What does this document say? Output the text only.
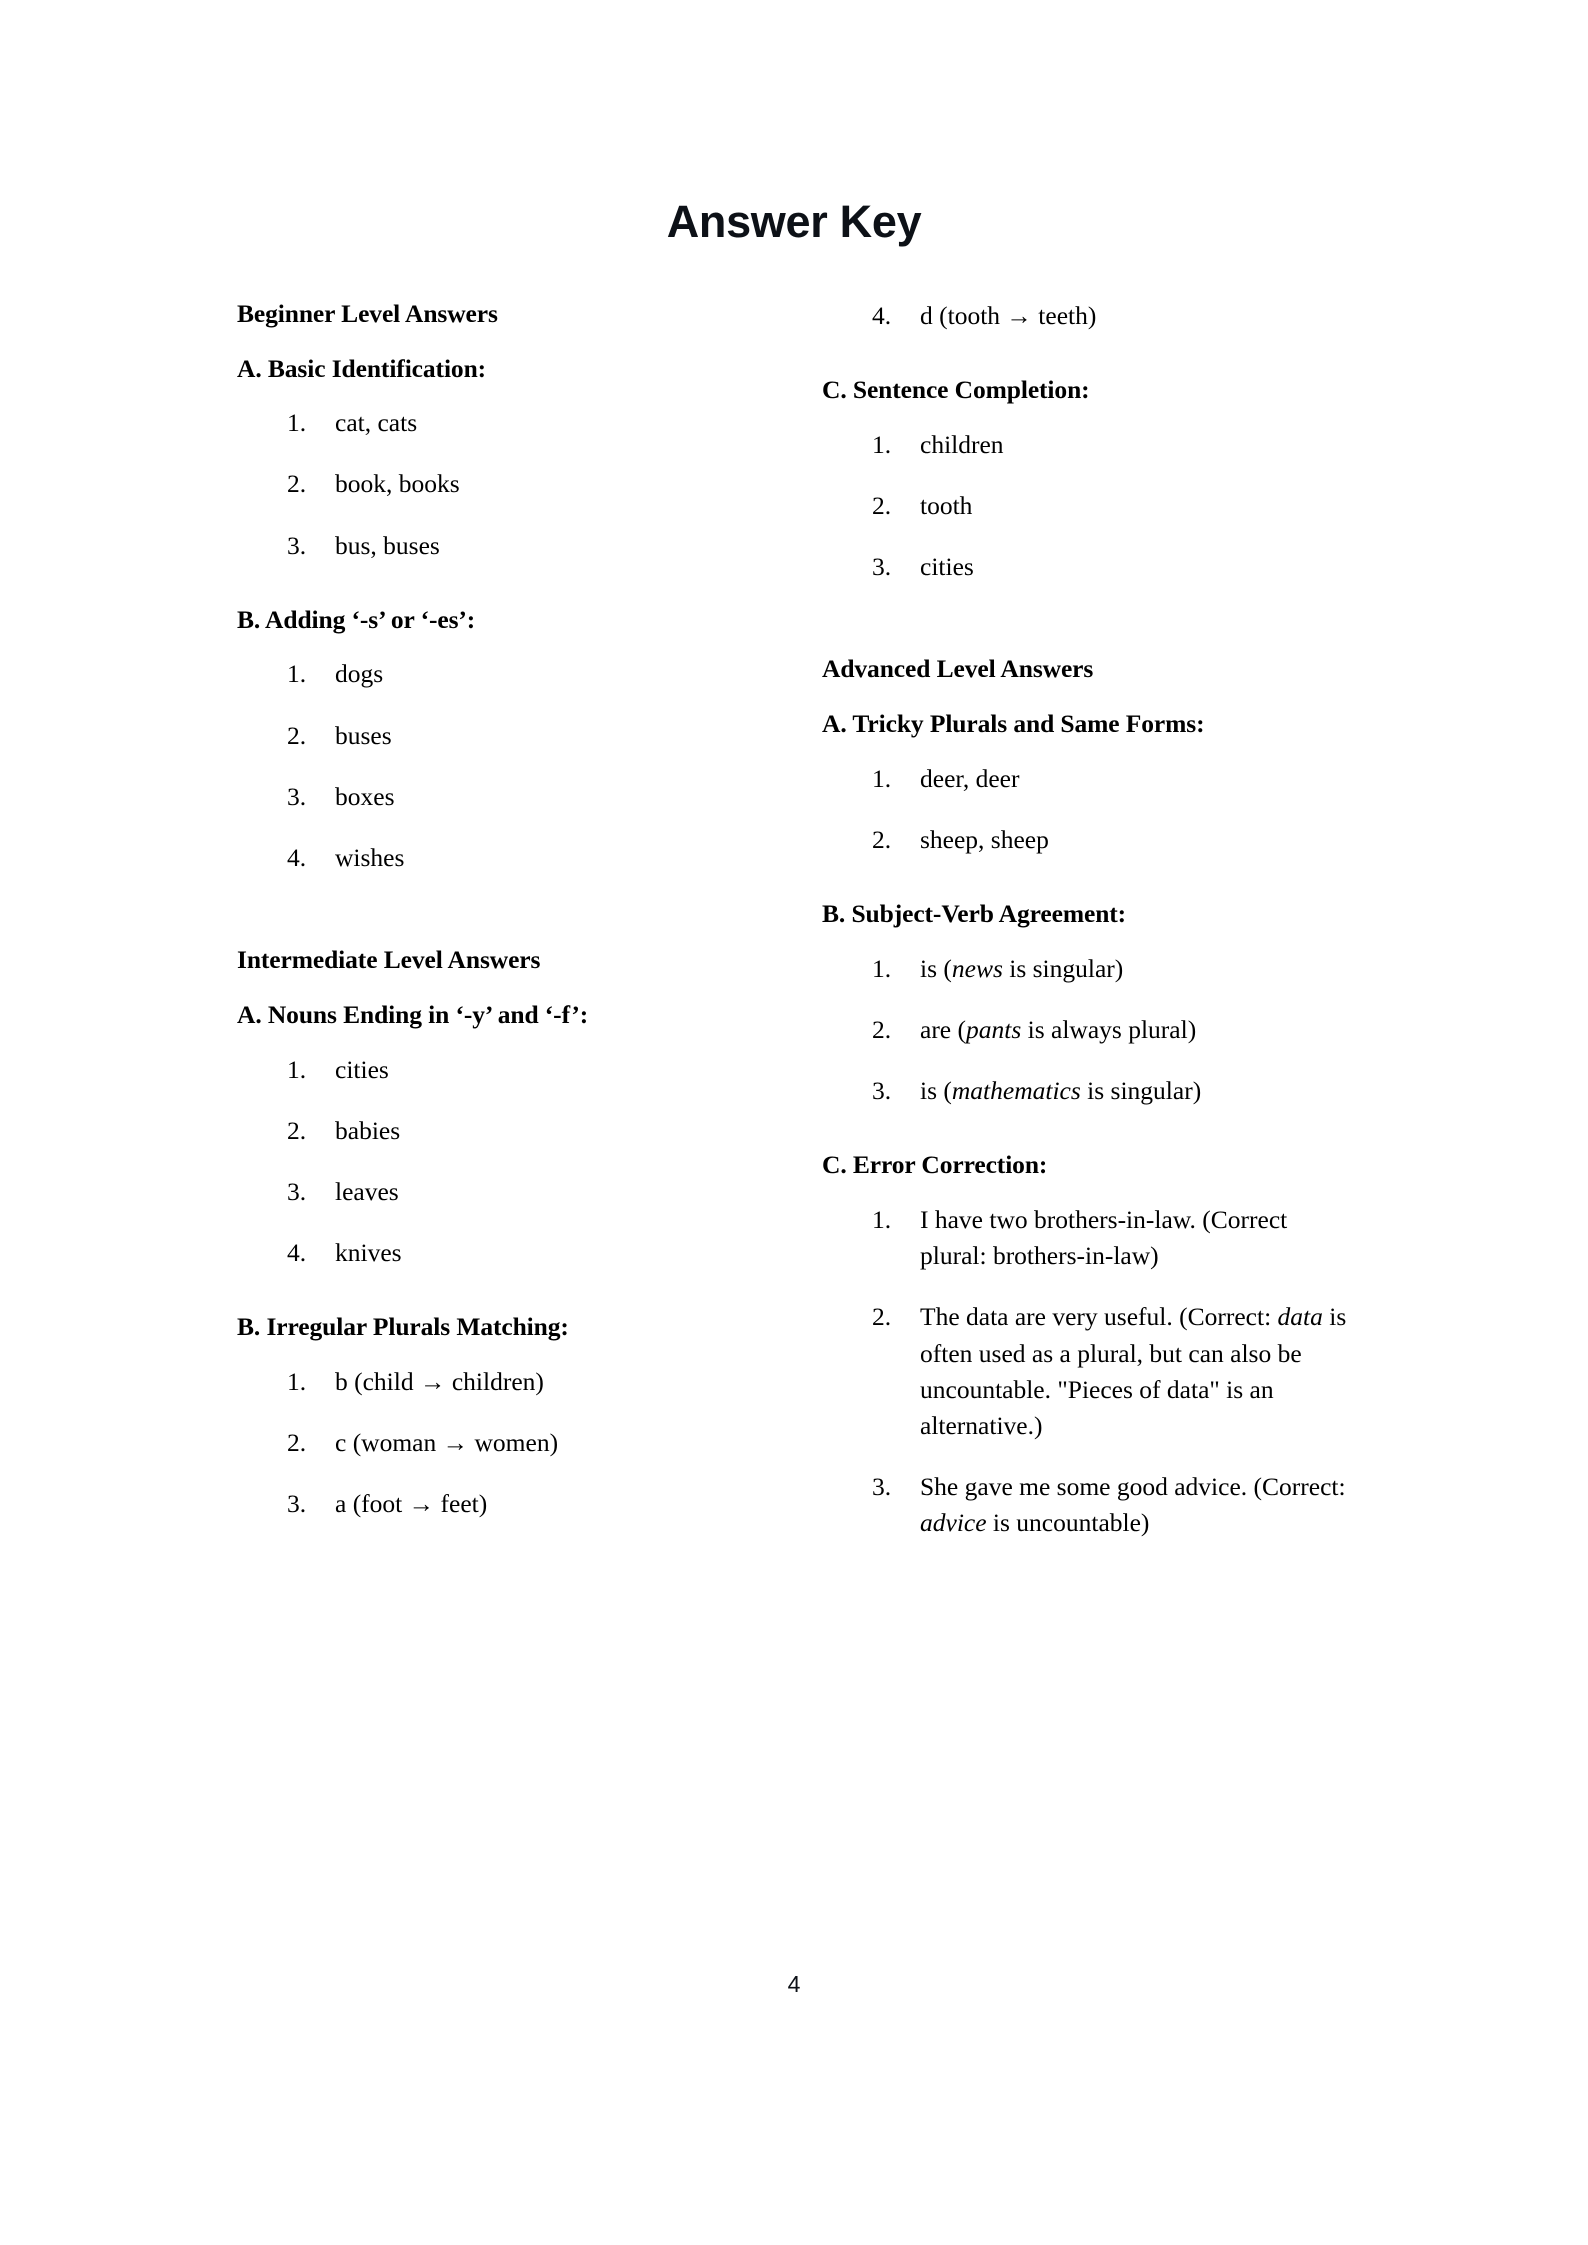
Answer Key
Beginner Level Answers
A. Basic Identification:
1.	cat, cats
2.	book, books
3.	bus, buses
B. Adding ‘-s’ or ‘-es’:
1.	dogs
2.	buses
3.	boxes
4.	wishes
Intermediate Level Answers
A. Nouns Ending in ‘-y’ and ‘-f’:
1.	cities
2.	babies
3.	leaves
4.	knives
B. Irregular Plurals Matching:
1.	b (child → children)
2.	c (woman → women)
3.	a (foot → feet)
4.	d (tooth → teeth)
C. Sentence Completion:
1.	children
2.	tooth
3.	cities
Advanced Level Answers
A. Tricky Plurals and Same Forms:
1.	deer, deer
2.	sheep, sheep
B. Subject-Verb Agreement:
1.	is (news is singular)
2.	are (pants is always plural)
3.	is (mathematics is singular)
C. Error Correction:
1.	I have two brothers-in-law. (Correct plural: brothers-in-law)
2.	The data are very useful. (Correct: data is often used as a plural, but can also be uncountable. "Pieces of data" is an alternative.)
3.	She gave me some good advice. (Correct: advice is uncountable)
4
